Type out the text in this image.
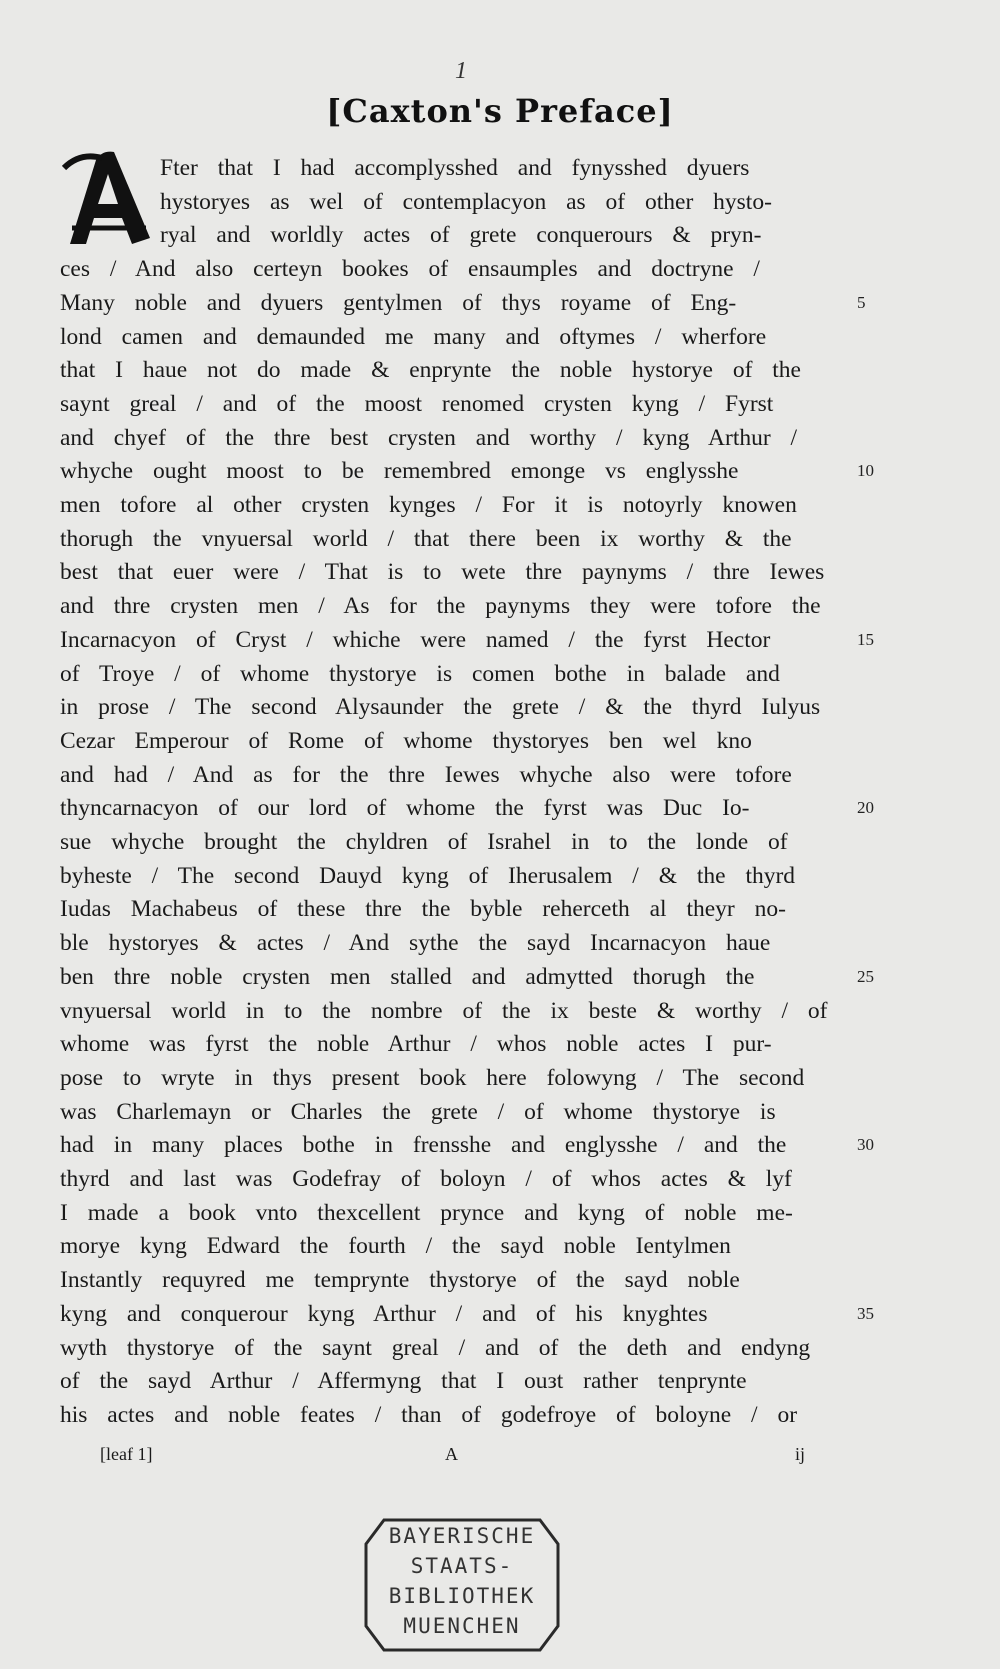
1
[Caxton's Preface]
Fter that I had accomplysshed and fynysshed dyuers
hystoryes as wel of contemplacyon as of other hysto-
ryal and worldly actes of grete conquerours & pryn-
ces / And also certeyn bookes of ensaumples and doctryne /
Many noble and dyuers gentylmen of thys royame of Eng-	5
lond camen and demaunded me many and oftymes / wherfore
that I haue not do made & enprynte the noble hystorye of the
saynt greal / and of the moost renomed crysten kyng / Fyrst
and chyef of the thre best crysten and worthy / kyng Arthur /
whyche ought moost to be remembred emonge vs englysshe	10
men tofore al other crysten kynges / For it is notoyrly knowen
thorugh the vnyuersal world / that there been ix worthy & the
best that euer were / That is to wete thre paynyms / thre Iewes
and thre crysten men / As for the paynyms they were tofore the
Incarnacyon of Cryst / whiche were named / the fyrst Hector	15
of Troye / of whome thystorye is comen bothe in balade and
in prose / The second Alysaunder the grete / & the thyrd Iulyus
Cezar Emperour of Rome of whome thystoryes ben wel kno
and had / And as for the thre Iewes whyche also were tofore
thyncarnacyon of our lord of whome the fyrst was Duc Io-	20
sue whyche brought the chyldren of Israhel in to the londe of
byheste / The second Dauyd kyng of Iherusalem / & the thyrd
Iudas Machabeus of these thre the byble reherceth al theyr no-
ble hystoryes & actes / And sythe the sayd Incarnacyon haue
ben thre noble crysten men stalled and admytted thorugh the	25
vnyuersal world in to the nombre of the ix beste & worthy / of
whome was fyrst the noble Arthur / whos noble actes I pur-
pose to wryte in thys present book here folowyng / The second
was Charlemayn or Charles the grete / of whome thystorye is
had in many places bothe in frensshe and englysshe / and the	30
thyrd and last was Godefray of boloyn / of whos actes & lyf
I made a book vnto thexcellent prynce and kyng of noble me-
morye kyng Edward the fourth / the sayd noble Ientylmen
Instantly requyred me temprynte thystorye of the sayd noble
kyng and conquerour kyng Arthur / and of his knyghtes	35
wyth thystorye of the saynt greal / and of the deth and endyng
of the sayd Arthur / Affermyng that I ouзt rather tenprynte
his actes and noble feates / than of godefroye of boloyne / or
[leaf 1]	A	ij
BAYERISCHE
STAATS-
BIBLIOTHEK
MUENCHEN
